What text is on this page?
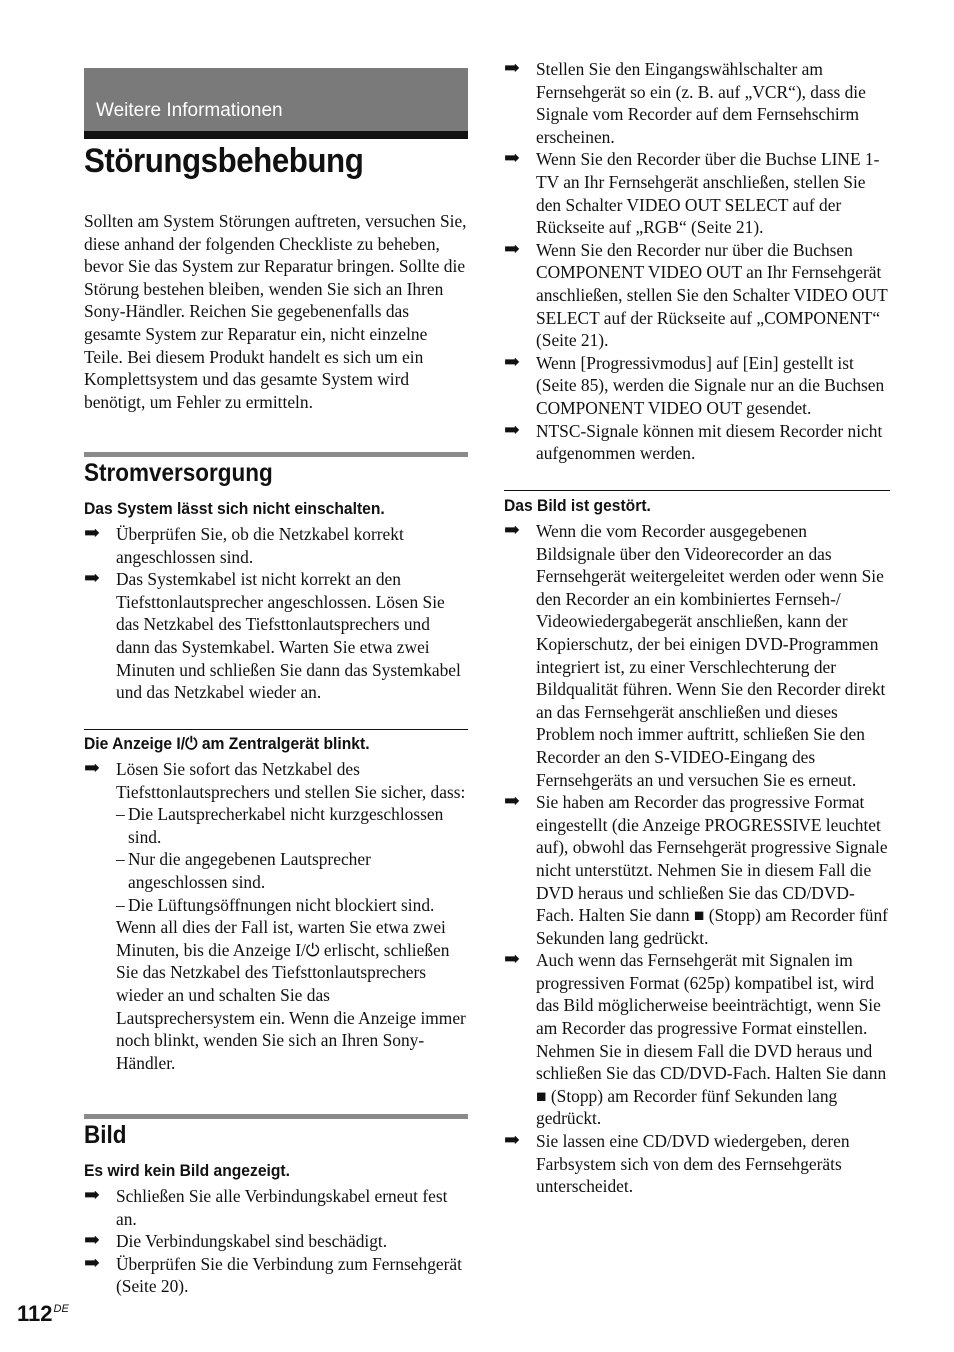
Weitere Informationen
Störungsbehebung

Sollten am System Störungen auftreten, versuchen Sie, diese anhand der folgenden Checkliste zu beheben, bevor Sie das System zur Reparatur bringen. Sollte die Störung bestehen bleiben, wenden Sie sich an Ihren Sony-Händler. Reichen Sie gegebenenfalls das gesamte System zur Reparatur ein, nicht einzelne Teile. Bei diesem Produkt handelt es sich um ein Komplettsystem und das gesamte System wird benötigt, um Fehler zu ermitteln.

Stromversorgung
Das System lässt sich nicht einschalten.
➡ Überprüfen Sie, ob die Netzkabel korrekt angeschlossen sind.
➡ Das Systemkabel ist nicht korrekt an den Tiefsttonlautsprecher angeschlossen. Lösen Sie das Netzkabel des Tiefsttonlautsprechers und dann das Systemkabel. Warten Sie etwa zwei Minuten und schließen Sie dann das Systemkabel und das Netzkabel wieder an.
Die Anzeige I/⏻ am Zentralgerät blinkt.
➡ Lösen Sie sofort das Netzkabel des Tiefsttonlautsprechers und stellen Sie sicher, dass:
– Die Lautsprecherkabel nicht kurzgeschlossen sind.
– Nur die angegebenen Lautsprecher angeschlossen sind.
– Die Lüftungsöffnungen nicht blockiert sind.
Wenn all dies der Fall ist, warten Sie etwa zwei Minuten, bis die Anzeige I/⏻ erlischt, schließen Sie das Netzkabel des Tiefsttonlautsprechers wieder an und schalten Sie das Lautsprechersystem ein. Wenn die Anzeige immer noch blinkt, wenden Sie sich an Ihren Sony-Händler.
Bild
Es wird kein Bild angezeigt.
➡ Schließen Sie alle Verbindungskabel erneut fest an.
➡ Die Verbindungskabel sind beschädigt.
➡ Überprüfen Sie die Verbindung zum Fernsehgerät (Seite 20).
112DE
➡ Stellen Sie den Eingangswählschalter am Fernsehgerät so ein (z. B. auf „VCR“), dass die Signale vom Recorder auf dem Fernsehschirm erscheinen.
➡ Wenn Sie den Recorder über die Buchse LINE 1-TV an Ihr Fernsehgerät anschließen, stellen Sie den Schalter VIDEO OUT SELECT auf der Rückseite auf „RGB“ (Seite 21).
➡ Wenn Sie den Recorder nur über die Buchsen COMPONENT VIDEO OUT an Ihr Fernsehgerät anschließen, stellen Sie den Schalter VIDEO OUT SELECT auf der Rückseite auf „COMPONENT“ (Seite 21).
➡ Wenn [Progressivmodus] auf [Ein] gestellt ist (Seite 85), werden die Signale nur an die Buchsen COMPONENT VIDEO OUT gesendet.
➡ NTSC-Signale können mit diesem Recorder nicht aufgenommen werden.
Das Bild ist gestört.
➡ Wenn die vom Recorder ausgegebenen Bildsignale über den Videorecorder an das Fernsehgerät weitergeleitet werden oder wenn Sie den Recorder an ein kombiniertes Fernseh-/ Videowiedergabegerät anschließen, kann der Kopierschutz, der bei einigen DVD-Programmen integriert ist, zu einer Verschlechterung der Bildqualität führen. Wenn Sie den Recorder direkt an das Fernsehgerät anschließen und dieses Problem noch immer auftritt, schließen Sie den Recorder an den S-VIDEO-Eingang des Fernsehgeräts an und versuchen Sie es erneut.
➡ Sie haben am Recorder das progressive Format eingestellt (die Anzeige PROGRESSIVE leuchtet auf), obwohl das Fernsehgerät progressive Signale nicht unterstützt. Nehmen Sie in diesem Fall die DVD heraus und schließen Sie das CD/DVD-Fach. Halten Sie dann ■ (Stopp) am Recorder fünf Sekunden lang gedrückt.
➡ Auch wenn das Fernsehgerät mit Signalen im progressiven Format (625p) kompatibel ist, wird das Bild möglicherweise beeinträchtigt, wenn Sie am Recorder das progressive Format einstellen. Nehmen Sie in diesem Fall die DVD heraus und schließen Sie das CD/DVD-Fach. Halten Sie dann ■ (Stopp) am Recorder fünf Sekunden lang gedrückt.
➡ Sie lassen eine CD/DVD wiedergeben, deren Farbsystem sich von dem des Fernsehgeräts unterscheidet.
